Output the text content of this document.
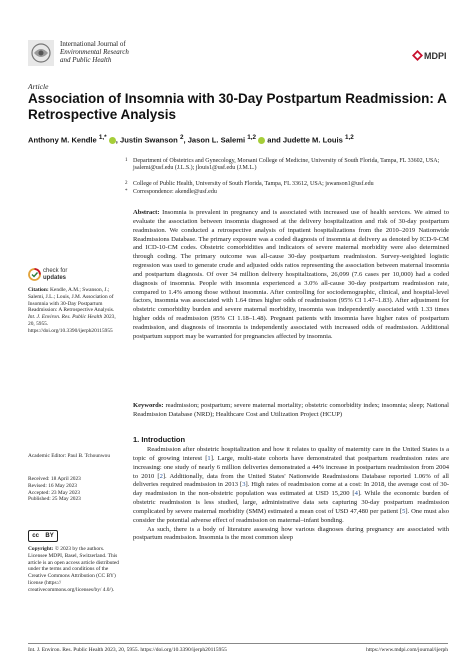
International Journal of
Environmental Research
and Public Health	MDPI
Article
Association of Insomnia with 30-Day Postpartum Readmission: A Retrospective Analysis
Anthony M. Kendle $^{1,*}$ , Justin Swanson $^2$, Jason L. Salemi $^{1,2}$  and Judette M. Louis $^{1,2}$
1 Department of Obstetrics and Gynecology, Morsani College of Medicine, University of South Florida, Tampa, FL 33602, USA; jsalemi@usf.edu (J.L.S.); jlouis1@usf.edu (J.M.L.)
2 College of Public Health, University of South Florida, Tampa, FL 33612, USA; jswanson1@usf.edu
* Correspondence: akendle@usf.edu
Abstract: Insomnia is prevalent in pregnancy and is associated with increased use of health services. We aimed to evaluate the association between insomnia diagnosed at the delivery hospitalization and risk of 30-day postpartum readmission. We conducted a retrospective analysis of inpatient hospitalizations from the 2010–2019 Nationwide Readmissions Database. The primary exposure was a coded diagnosis of insomnia at delivery as denoted by ICD-9-CM and ICD-10-CM codes. Obstetric comorbidities and indicators of severe maternal morbidity were also determined through coding. The primary outcome was all-cause 30-day postpartum readmission. Survey-weighted logistic regression was used to generate crude and adjusted odds ratios representing the association between maternal insomnia and postpartum diagnosis. Of over 34 million delivery hospitalizations, 26,099 (7.6 cases per 10,000) had a coded diagnosis of insomnia. People with insomnia experienced a 3.0% all-cause 30-day postpartum readmission rate, compared to 1.4% among those without insomnia. After controlling for sociodemographic, clinical, and hospital-level factors, insomnia was associated with 1.64 times higher odds of readmission (95% CI 1.47–1.83). After adjustment for obstetric comorbidity burden and severe maternal morbidity, insomnia was independently associated with 1.33 times higher odds of readmission (95% CI 1.18–1.48). Pregnant patients with insomnia have higher rates of postpartum readmission, and diagnosis of insomnia is independently associated with increased odds of readmission. Additional postpartum support may be warranted for pregnancies affected by insomnia.
Keywords: readmission; postpartum; severe maternal mortality; obstetric comorbidity index; insomnia; sleep; National Readmission Database (NRD); Healthcare Cost and Utilization Project (HCUP)
check for
updates
Citation: Kendle, A.M.; Swanson, J.; Salemi, J.L.; Louis, J.M. Association of Insomnia with 30-Day Postpartum Readmission: A Retrospective Analysis. Int. J. Environ. Res. Public Health 2023, 20, 5955. https://doi.org/10.3390/ijerph20115955
Academic Editor: Paul B. Tchounwou
Received: 18 April 2023
Revised: 16 May 2023
Accepted: 23 May 2023
Published: 25 May 2023
cc BY
Copyright: © 2023 by the authors. Licensee MDPI, Basel, Switzerland. This article is an open access article distributed under the terms and conditions of the Creative Commons Attribution (CC BY) license (https:// creativecommons.org/licenses/by/ 4.0/).
1. Introduction

Readmission after obstetric hospitalization and how it relates to quality of maternity care in the United States is a topic of growing interest [1]. Large, multi-state cohorts have demonstrated that postpartum readmission rates are increasing: one study of nearly 6 million deliveries demonstrated a 44% increase in postpartum readmission from 2004 to 2010 [2]. Additionally, data from the United States' Nationwide Readmissions Database reported 1.06% of all deliveries required readmission in 2013 [3]. High rates of readmission come at a cost: In 2018, the average cost of 30-day readmission in the non-obstetric population was estimated at USD 15,200 [4]. While the economic burden of obstetric readmission is less studied, large, administrative data sets capturing 30-day postpartum readmission complicated by severe maternal morbidity (SMM) estimated a mean cost of USD 47,480 per patient [5]. One must also consider the potential adverse effect of readmission on maternal–infant bonding.

As such, there is a body of literature assessing how various diagnoses during pregnancy are associated with postpartum readmission. Insomnia is the most common sleep

Int. J. Environ. Res. Public Health 2023, 20, 5955. https://doi.org/10.3390/ijerph20115955	https://www.mdpi.com/journal/ijerph
